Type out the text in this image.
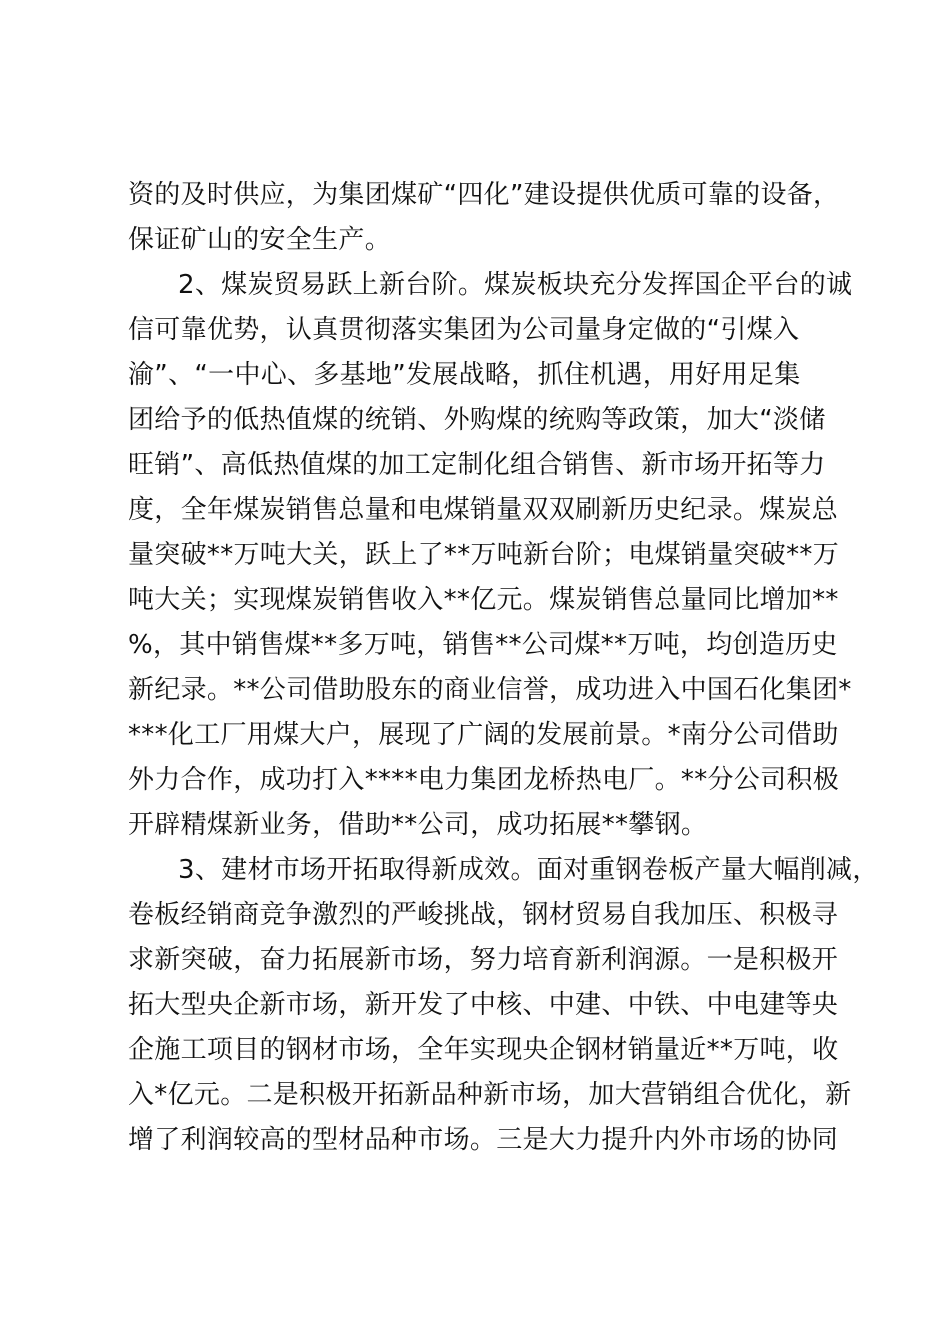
资的及时供应，为集团煤矿“四化”建设提供优质可靠的设备，
保证矿山的安全生产。
2、煤炭贸易跃上新台阶。煤炭板块充分发挥国企平台的诚
信可靠优势，认真贯彻落实集团为公司量身定做的“引煤入
渝”、“一中心、多基地”发展战略，抓住机遇，用好用足集
团给予的低热值煤的统销、外购煤的统购等政策，加大“淡储
旺销”、高低热值煤的加工定制化组合销售、新市场开拓等力
度，全年煤炭销售总量和电煤销量双双刷新历史纪录。煤炭总
量突破**万吨大关，跃上了**万吨新台阶；电煤销量突破**万
吨大关；实现煤炭销售收入**亿元。煤炭销售总量同比增加**
%，其中销售煤**多万吨，销售**公司煤**万吨，均创造历史
新纪录。**公司借助股东的商业信誉，成功进入中国石化集团*
***化工厂用煤大户，展现了广阔的发展前景。*南分公司借助
外力合作，成功打入****电力集团龙桥热电厂。**分公司积极
开辟精煤新业务，借助**公司，成功拓展**攀钢。
3、建材市场开拓取得新成效。面对重钢卷板产量大幅削减，
卷板经销商竞争激烈的严峻挑战，钢材贸易自我加压、积极寻
求新突破，奋力拓展新市场，努力培育新利润源。一是积极开
拓大型央企新市场，新开发了中核、中建、中铁、中电建等央
企施工项目的钢材市场，全年实现央企钢材销量近**万吨，收
入*亿元。二是积极开拓新品种新市场，加大营销组合优化，新
增了利润较高的型材品种市场。三是大力提升内外市场的协同
